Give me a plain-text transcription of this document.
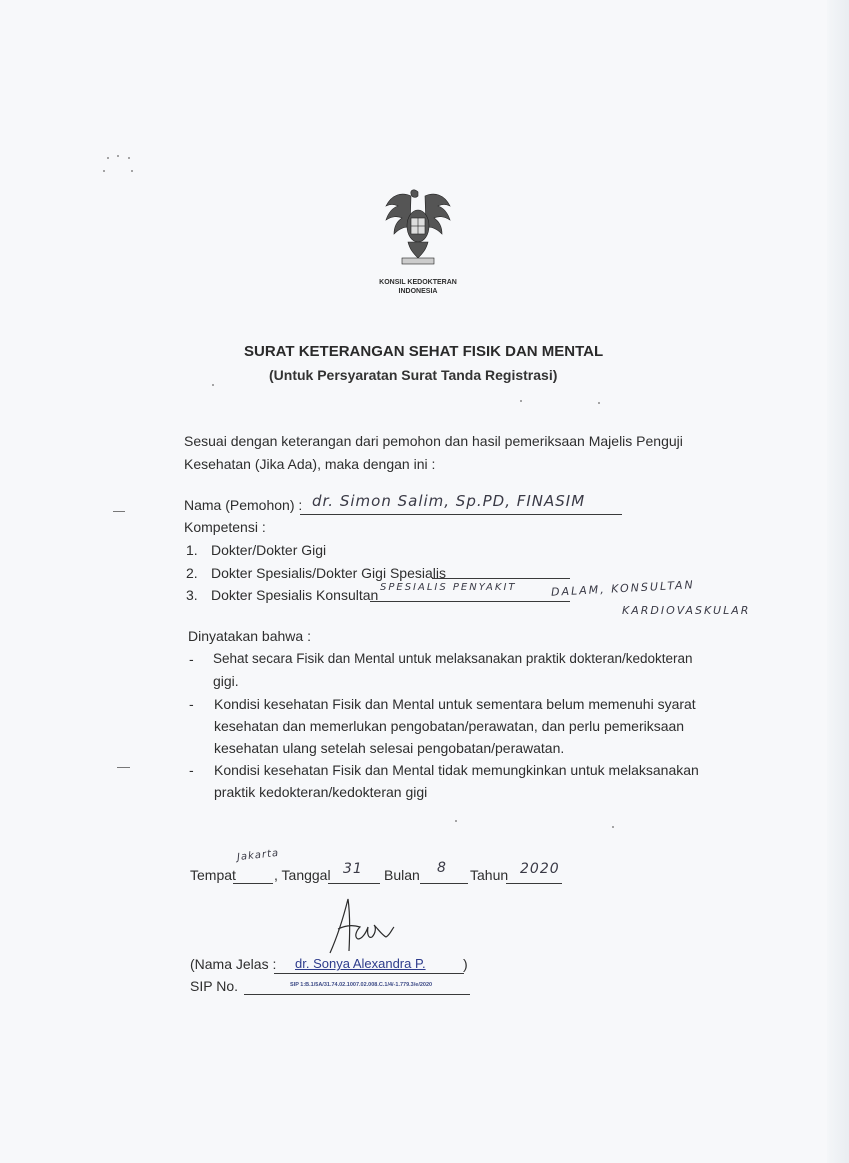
KONSIL KEDOKTERAN
INDONESIA
SURAT KETERANGAN SEHAT FISIK DAN MENTAL
(Untuk Persyaratan Surat Tanda Registrasi)
Sesuai dengan keterangan dari pemohon dan hasil pemeriksaan Majelis Penguji
Kesehatan (Jika Ada), maka dengan ini :
Nama (Pemohon) : dr. Simon Salim, Sp.PD, FINASIM
Kompetensi :
1. Dokter/Dokter Gigi
2. Dokter Spesialis/Dokter Gigi Spesialis
3. Dokter Spesialis Konsultan SPESIALIS PENYAKIT	DALAM, KONSULTAN
KARDIOVASKULAR
Dinyatakan bahwa :
- Sehat secara Fisik dan Mental untuk melaksanakan praktik dokteran/kedokteran
gigi.
- Kondisi kesehatan Fisik dan Mental untuk sementara belum memenuhi syarat
kesehatan dan memerlukan pengobatan/perawatan, dan perlu pemeriksaan
kesehatan ulang setelah selesai pengobatan/perawatan.
- Kondisi kesehatan Fisik dan Mental tidak memungkinkan untuk melaksanakan
praktik kedokteran/kedokteran gigi
Tempat
Jakarta
, Tanggal 31 Bulan 8 Tahun 2020
(Nama Jelas : dr. Sonya Alexandra P.	)
SIP No.	SIP 1:B.1/5A/31.74.02.1007.02.008.C.1/4/-1.779.3/e/2020
